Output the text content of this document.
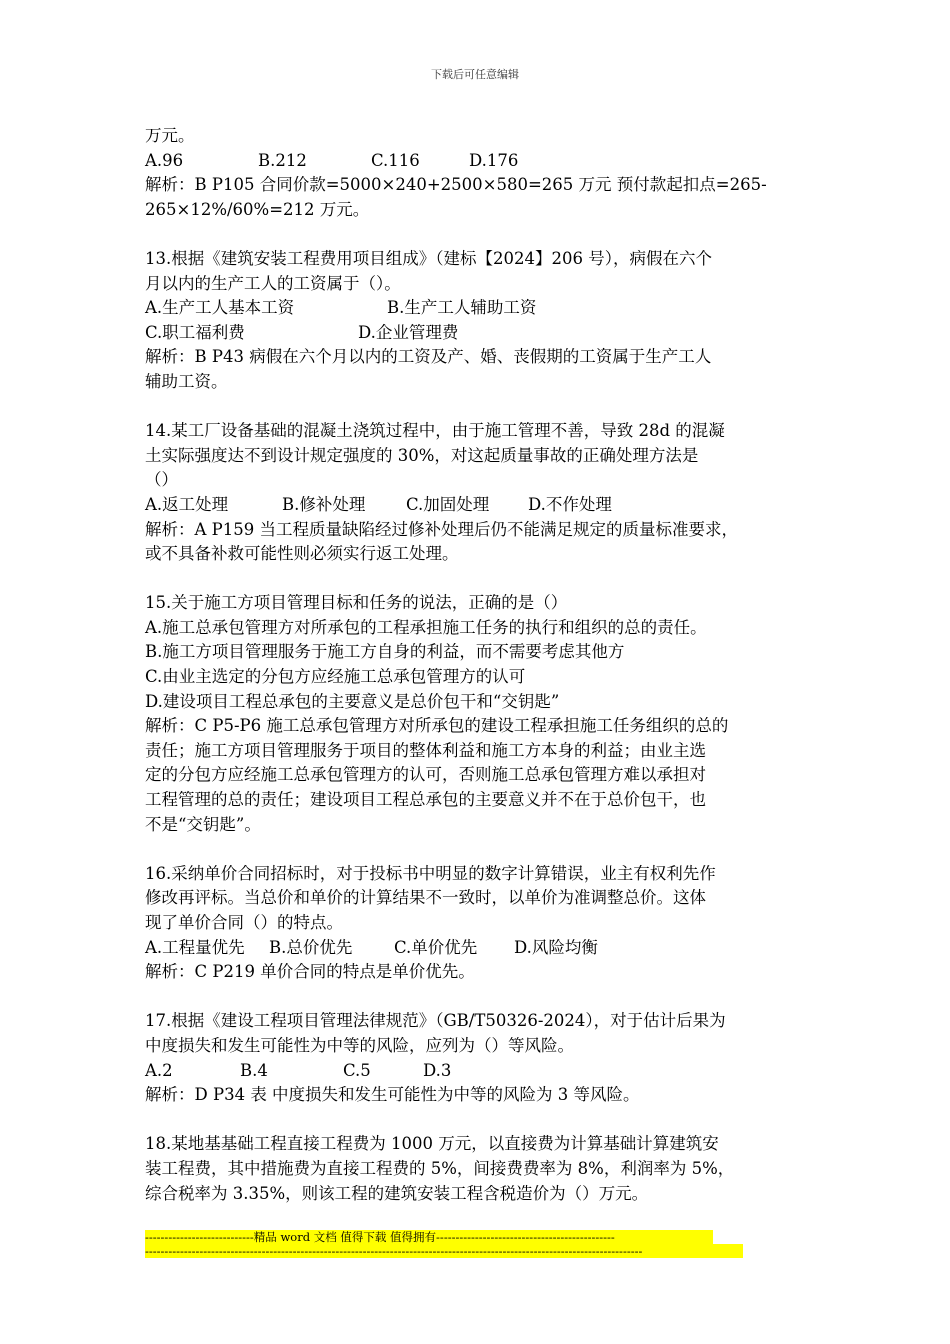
下载后可任意编辑
万元。
A.96	B.212	C.116	D.176
解析：B P105 合同价款=5000×240+2500×580=265 万元 预付款起扣点=265-
265×12%/60%=212 万元。
13.根据《建筑安装工程费用项目组成》（建标【2024】206 号），病假在六个
月以内的生产工人的工资属于（）。
A.生产工人基本工资	B.生产工人辅助工资
C.职工福利费	D.企业管理费
解析：B P43 病假在六个月以内的工资及产、婚、丧假期的工资属于生产工人
辅助工资。
14.某工厂设备基础的混凝土浇筑过程中，由于施工管理不善，导致 28d 的混凝
土实际强度达不到设计规定强度的 30%，对这起质量事故的正确处理方法是
（）
A.返工处理	B.修补处理 C.加固处理 D.不作处理
解析：A P159 当工程质量缺陷经过修补处理后仍不能满足规定的质量标准要求，
或不具备补救可能性则必须实行返工处理。
15.关于施工方项目管理目标和任务的说法，正确的是（）
A.施工总承包管理方对所承包的工程承担施工任务的执行和组织的总的责任。
B.施工方项目管理服务于施工方自身的利益，而不需要考虑其他方
C.由业主选定的分包方应经施工总承包管理方的认可
D.建设项目工程总承包的主要意义是总价包干和“交钥匙”
解析：C P5-P6 施工总承包管理方对所承包的建设工程承担施工任务组织的总的
责任；施工方项目管理服务于项目的整体利益和施工方本身的利益；由业主选
定的分包方应经施工总承包管理方的认可，否则施工总承包管理方难以承担对
工程管理的总的责任；建设项目工程总承包的主要意义并不在于总价包干，也
不是“交钥匙”。
16.采纳单价合同招标时，对于投标书中明显的数字计算错误，业主有权利先作
修改再评标。当总价和单价的计算结果不一致时，以单价为准调整总价。这体
现了单价合同（）的特点。
A.工程量优先 B.总价优先	C.单价优先 D.风险均衡
解析：C P219 单价合同的特点是单价优先。
17.根据《建设工程项目管理法律规范》（GB/T50326-2024），对于估计后果为
中度损失和发生可能性为中等的风险，应列为（）等风险。
A.2	B.4	C.5	D.3
解析：D P34 表 中度损失和发生可能性为中等的风险为 3 等风险。
18.某地基基础工程直接工程费为 1000 万元，以直接费为计算基础计算建筑安
装工程费，其中措施费为直接工程费的 5%，间接费费率为 8%，利润率为 5%，
综合税率为 3.35%，则该工程的建筑安装工程含税造价为（）万元。
----------------------------精品 word 文档 值得下载 值得拥有----------------------------------------------
--------------------------------------------------------------------------------------------------------------------------------
